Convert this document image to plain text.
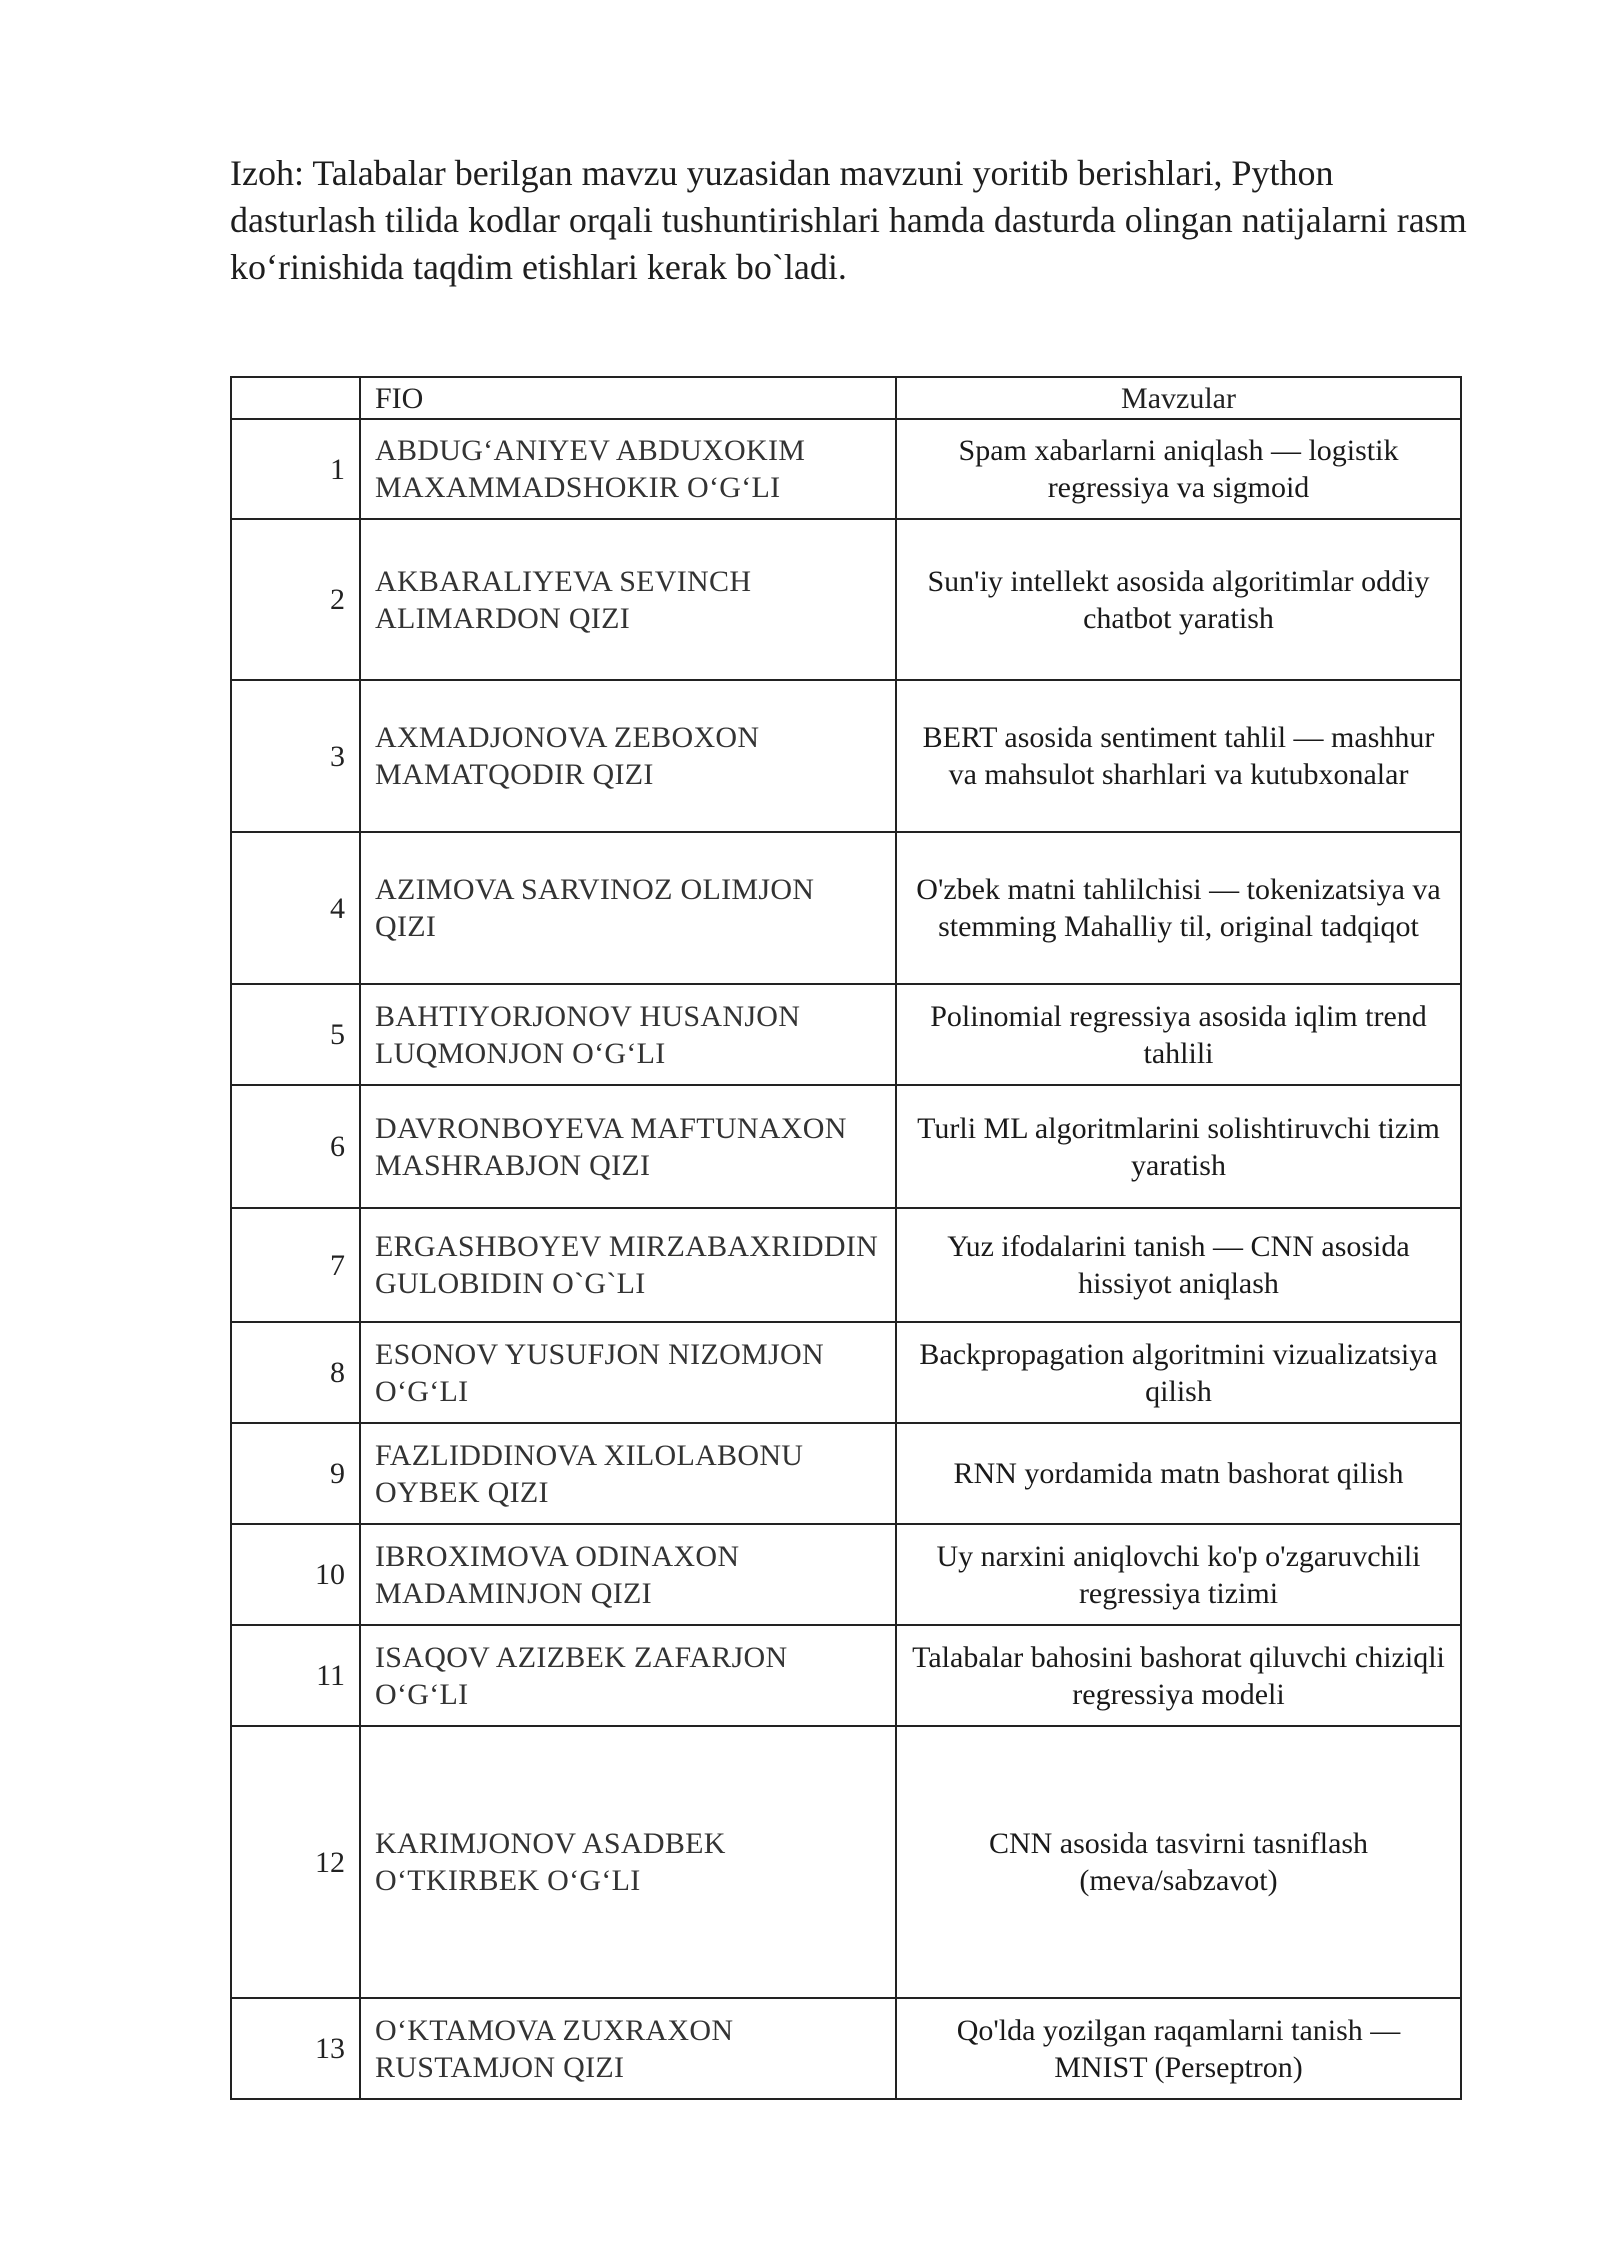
Izoh: Talabalar berilgan mavzu yuzasidan mavzuni yoritib berishlari, Python dasturlash tilida kodlar orqali tushuntirishlari hamda dasturda olingan natijalarni rasm ko‘rinishida taqdim etishlari kerak bo`ladi.

	FIO	Mavzular
1	ABDUG‘ANIYEV ABDUXOKIM MAXAMMADSHOKIR O‘G‘LI	Spam xabarlarni aniqlash — logistik regressiya va sigmoid
2	AKBARALIYEVA SEVINCH ALIMARDON QIZI	Sun'iy intellekt asosida algoritimlar oddiy chatbot yaratish
3	AXMADJONOVA ZEBOXON MAMATQODIR QIZI	BERT asosida sentiment tahlil — mashhur va mahsulot sharhlari va kutubxonalar
4	AZIMOVA SARVINOZ OLIMJON QIZI	O'zbek matni tahlilchisi — tokenizatsiya va stemming Mahalliy til, original tadqiqot
5	BAHTIYORJONOV HUSANJON LUQMONJON O‘G‘LI	Polinomial regressiya asosida iqlim trend tahlili
6	DAVRONBOYEVA MAFTUNAXON MASHRABJON QIZI	Turli ML algoritmlarini solishtiruvchi tizim yaratish
7	ERGASHBOYEV MIRZABAXRIDDIN GULOBIDIN O`G`LI	Yuz ifodalarini tanish — CNN asosida hissiyot aniqlash
8	ESONOV YUSUFJON NIZOMJON O‘G‘LI	Backpropagation algoritmini vizualizatsiya qilish
9	FAZLIDDINOVA XILOLABONU OYBEK QIZI	RNN yordamida matn bashorat qilish
10	IBROXIMOVA ODINAXON MADAMINJON QIZI	Uy narxini aniqlovchi ko'p o'zgaruvchili regressiya tizimi
11	ISAQOV AZIZBEK ZAFARJON O‘G‘LI	Talabalar bahosini bashorat qiluvchi chiziqli regressiya modeli
12	KARIMJONOV ASADBEK O‘TKIRBEK O‘G‘LI	CNN asosida tasvirni tasniflash (meva/sabzavot)
13	O‘KTAMOVA ZUXRAXON RUSTAMJON QIZI	Qo'lda yozilgan raqamlarni tanish — MNIST (Perseptron)
